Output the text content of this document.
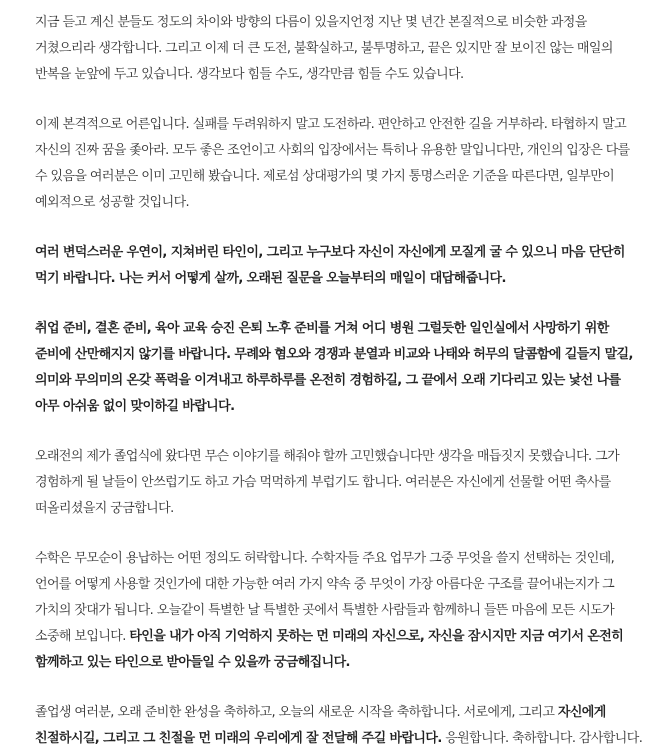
지금 듣고 계신 분들도 정도의 차이와 방향의 다름이 있을지언정 지난 몇 년간 본질적으로 비슷한 과정을 거쳤으리라 생각합니다. 그리고 이제 더 큰 도전, 불확실하고, 불투명하고, 끝은 있지만 잘 보이진 않는 매일의 반복을 눈앞에 두고 있습니다. 생각보다 힘들 수도, 생각만큼 힘들 수도 있습니다.

이제 본격적으로 어른입니다. 실패를 두려워하지 말고 도전하라. 편안하고 안전한 길을 거부하라. 타협하지 말고 자신의 진짜 꿈을 좇아라. 모두 좋은 조언이고 사회의 입장에서는 특히나 유용한 말입니다만, 개인의 입장은 다를 수 있음을 여러분은 이미 고민해 봤습니다. 제로섬 상대평가의 몇 가지 통명스러운 기준을 따른다면, 일부만이 예외적으로 성공할 것입니다.

여러 변덕스러운 우연이, 지쳐버린 타인이, 그리고 누구보다 자신이 자신에게 모질게 굴 수 있으니 마음 단단히 먹기 바랍니다. 나는 커서 어떻게 살까, 오래된 질문을 오늘부터의 매일이 대답해줍니다.

취업 준비, 결혼 준비, 육아 교육 승진 은퇴 노후 준비를 거쳐 어디 병원 그럴듯한 일인실에서 사망하기 위한 준비에 산만해지지 않기를 바랍니다. 무례와 혐오와 경쟁과 분열과 비교와 나태와 허무의 달콤함에 길들지 말길, 의미와 무의미의 온갖 폭력을 이겨내고 하루하루를 온전히 경험하길, 그 끝에서 오래 기다리고 있는 낯선 나를 아무 아쉬움 없이 맞이하길 바랍니다.

오래전의 제가 졸업식에 왔다면 무슨 이야기를 해줘야 할까 고민했습니다만 생각을 매듭짓지 못했습니다. 그가 경험하게 될 날들이 안쓰럽기도 하고 가슴 먹먹하게 부럽기도 합니다. 여러분은 자신에게 선물할 어떤 축사를 떠올리셨을지 궁금합니다.

수학은 무모순이 용납하는 어떤 정의도 허락합니다. 수학자들 주요 업무가 그중 무엇을 쓸지 선택하는 것인데, 언어를 어떻게 사용할 것인가에 대한 가능한 여러 가지 약속 중 무엇이 가장 아름다운 구조를 끌어내는지가 그 가치의 잣대가 됩니다. 오늘같이 특별한 날 특별한 곳에서 특별한 사람들과 함께하니 들뜬 마음에 모든 시도가 소중해 보입니다. 타인을 내가 아직 기억하지 못하는 먼 미래의 자신으로, 자신을 잠시지만 지금 여기서 온전히 함께하고 있는 타인으로 받아들일 수 있을까 궁금해집니다.

졸업생 여러분, 오래 준비한 완성을 축하하고, 오늘의 새로운 시작을 축하합니다. 서로에게, 그리고 자신에게 친절하시길, 그리고 그 친절을 먼 미래의 우리에게 잘 전달해 주길 바랍니다. 응원합니다. 축하합니다. 감사합니다.
